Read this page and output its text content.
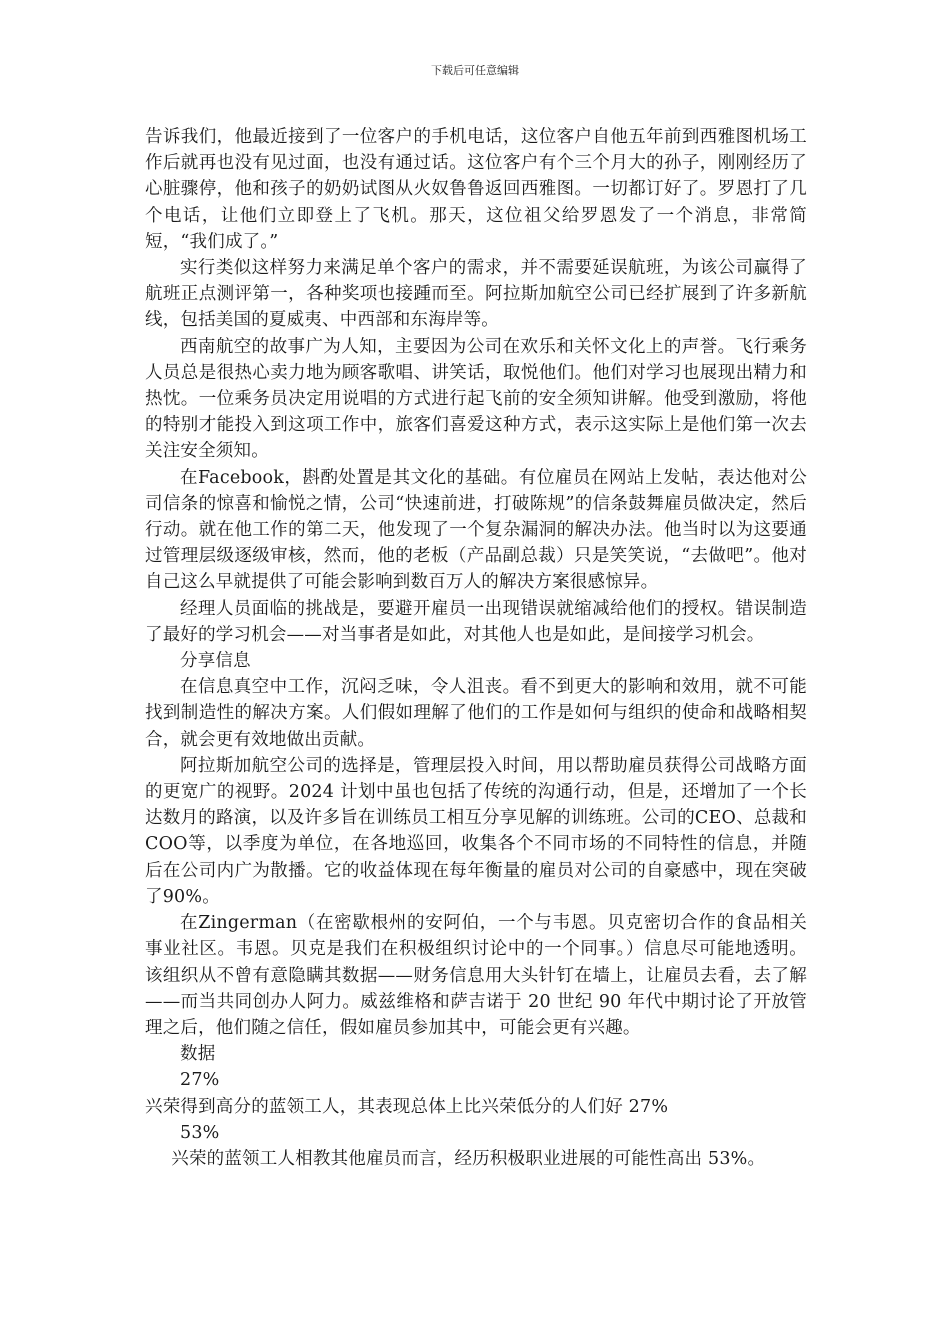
下载后可任意编辑

告诉我们，他最近接到了一位客户的手机电话，这位客户自他五年前到西雅图机场工作后就再也没有见过面，也没有通过话。这位客户有个三个月大的孙子，刚刚经历了心脏骤停，他和孩子的奶奶试图从火奴鲁鲁返回西雅图。一切都订好了。罗恩打了几个电话，让他们立即登上了飞机。那天，这位祖父给罗恩发了一个消息，非常简短，“我们成了。”

实行类似这样努力来满足单个客户的需求，并不需要延误航班，为该公司赢得了航班正点测评第一，各种奖项也接踵而至。阿拉斯加航空公司已经扩展到了许多新航线，包括美国的夏威夷、中西部和东海岸等。

西南航空的故事广为人知，主要因为公司在欢乐和关怀文化上的声誉。飞行乘务人员总是很热心卖力地为顾客歌唱、讲笑话，取悦他们。他们对学习也展现出精力和热忱。一位乘务员决定用说唱的方式进行起飞前的安全须知讲解。他受到激励，将他的特别才能投入到这项工作中，旅客们喜爱这种方式，表示这实际上是他们第一次去关注安全须知。

在Facebook，斟酌处置是其文化的基础。有位雇员在网站上发帖，表达他对公司信条的惊喜和愉悦之情，公司“快速前进，打破陈规”的信条鼓舞雇员做决定，然后行动。就在他工作的第二天，他发现了一个复杂漏洞的解决办法。他当时以为这要通过管理层级逐级审核，然而，他的老板（产品副总裁）只是笑笑说，“去做吧”。他对自己这么早就提供了可能会影响到数百万人的解决方案很感惊异。

经理人员面临的挑战是，要避开雇员一出现错误就缩减给他们的授权。错误制造了最好的学习机会——对当事者是如此，对其他人也是如此，是间接学习机会。

分享信息

在信息真空中工作，沉闷乏味，令人沮丧。看不到更大的影响和效用，就不可能找到制造性的解决方案。人们假如理解了他们的工作是如何与组织的使命和战略相契合，就会更有效地做出贡献。

阿拉斯加航空公司的选择是，管理层投入时间，用以帮助雇员获得公司战略方面的更宽广的视野。2024 计划中虽也包括了传统的沟通行动，但是，还增加了一个长达数月的路演，以及许多旨在训练员工相互分享见解的训练班。公司的CEO、总裁和COO等，以季度为单位，在各地巡回，收集各个不同市场的不同特性的信息，并随后在公司内广为散播。它的收益体现在每年衡量的雇员对公司的自豪感中，现在突破了90%。

在Zingerman（在密歇根州的安阿伯，一个与韦恩。贝克密切合作的食品相关事业社区。韦恩。贝克是我们在积极组织讨论中的一个同事。）信息尽可能地透明。该组织从不曾有意隐瞒其数据——财务信息用大头针钉在墙上，让雇员去看，去了解——而当共同创办人阿力。威兹维格和萨吉诺于 20 世纪 90 年代中期讨论了开放管理之后，他们随之信任，假如雇员参加其中，可能会更有兴趣。

数据

27%

兴荣得到高分的蓝领工人，其表现总体上比兴荣低分的人们好 27%

53%

兴荣的蓝领工人相教其他雇员而言，经历积极职业进展的可能性高出 53%。
